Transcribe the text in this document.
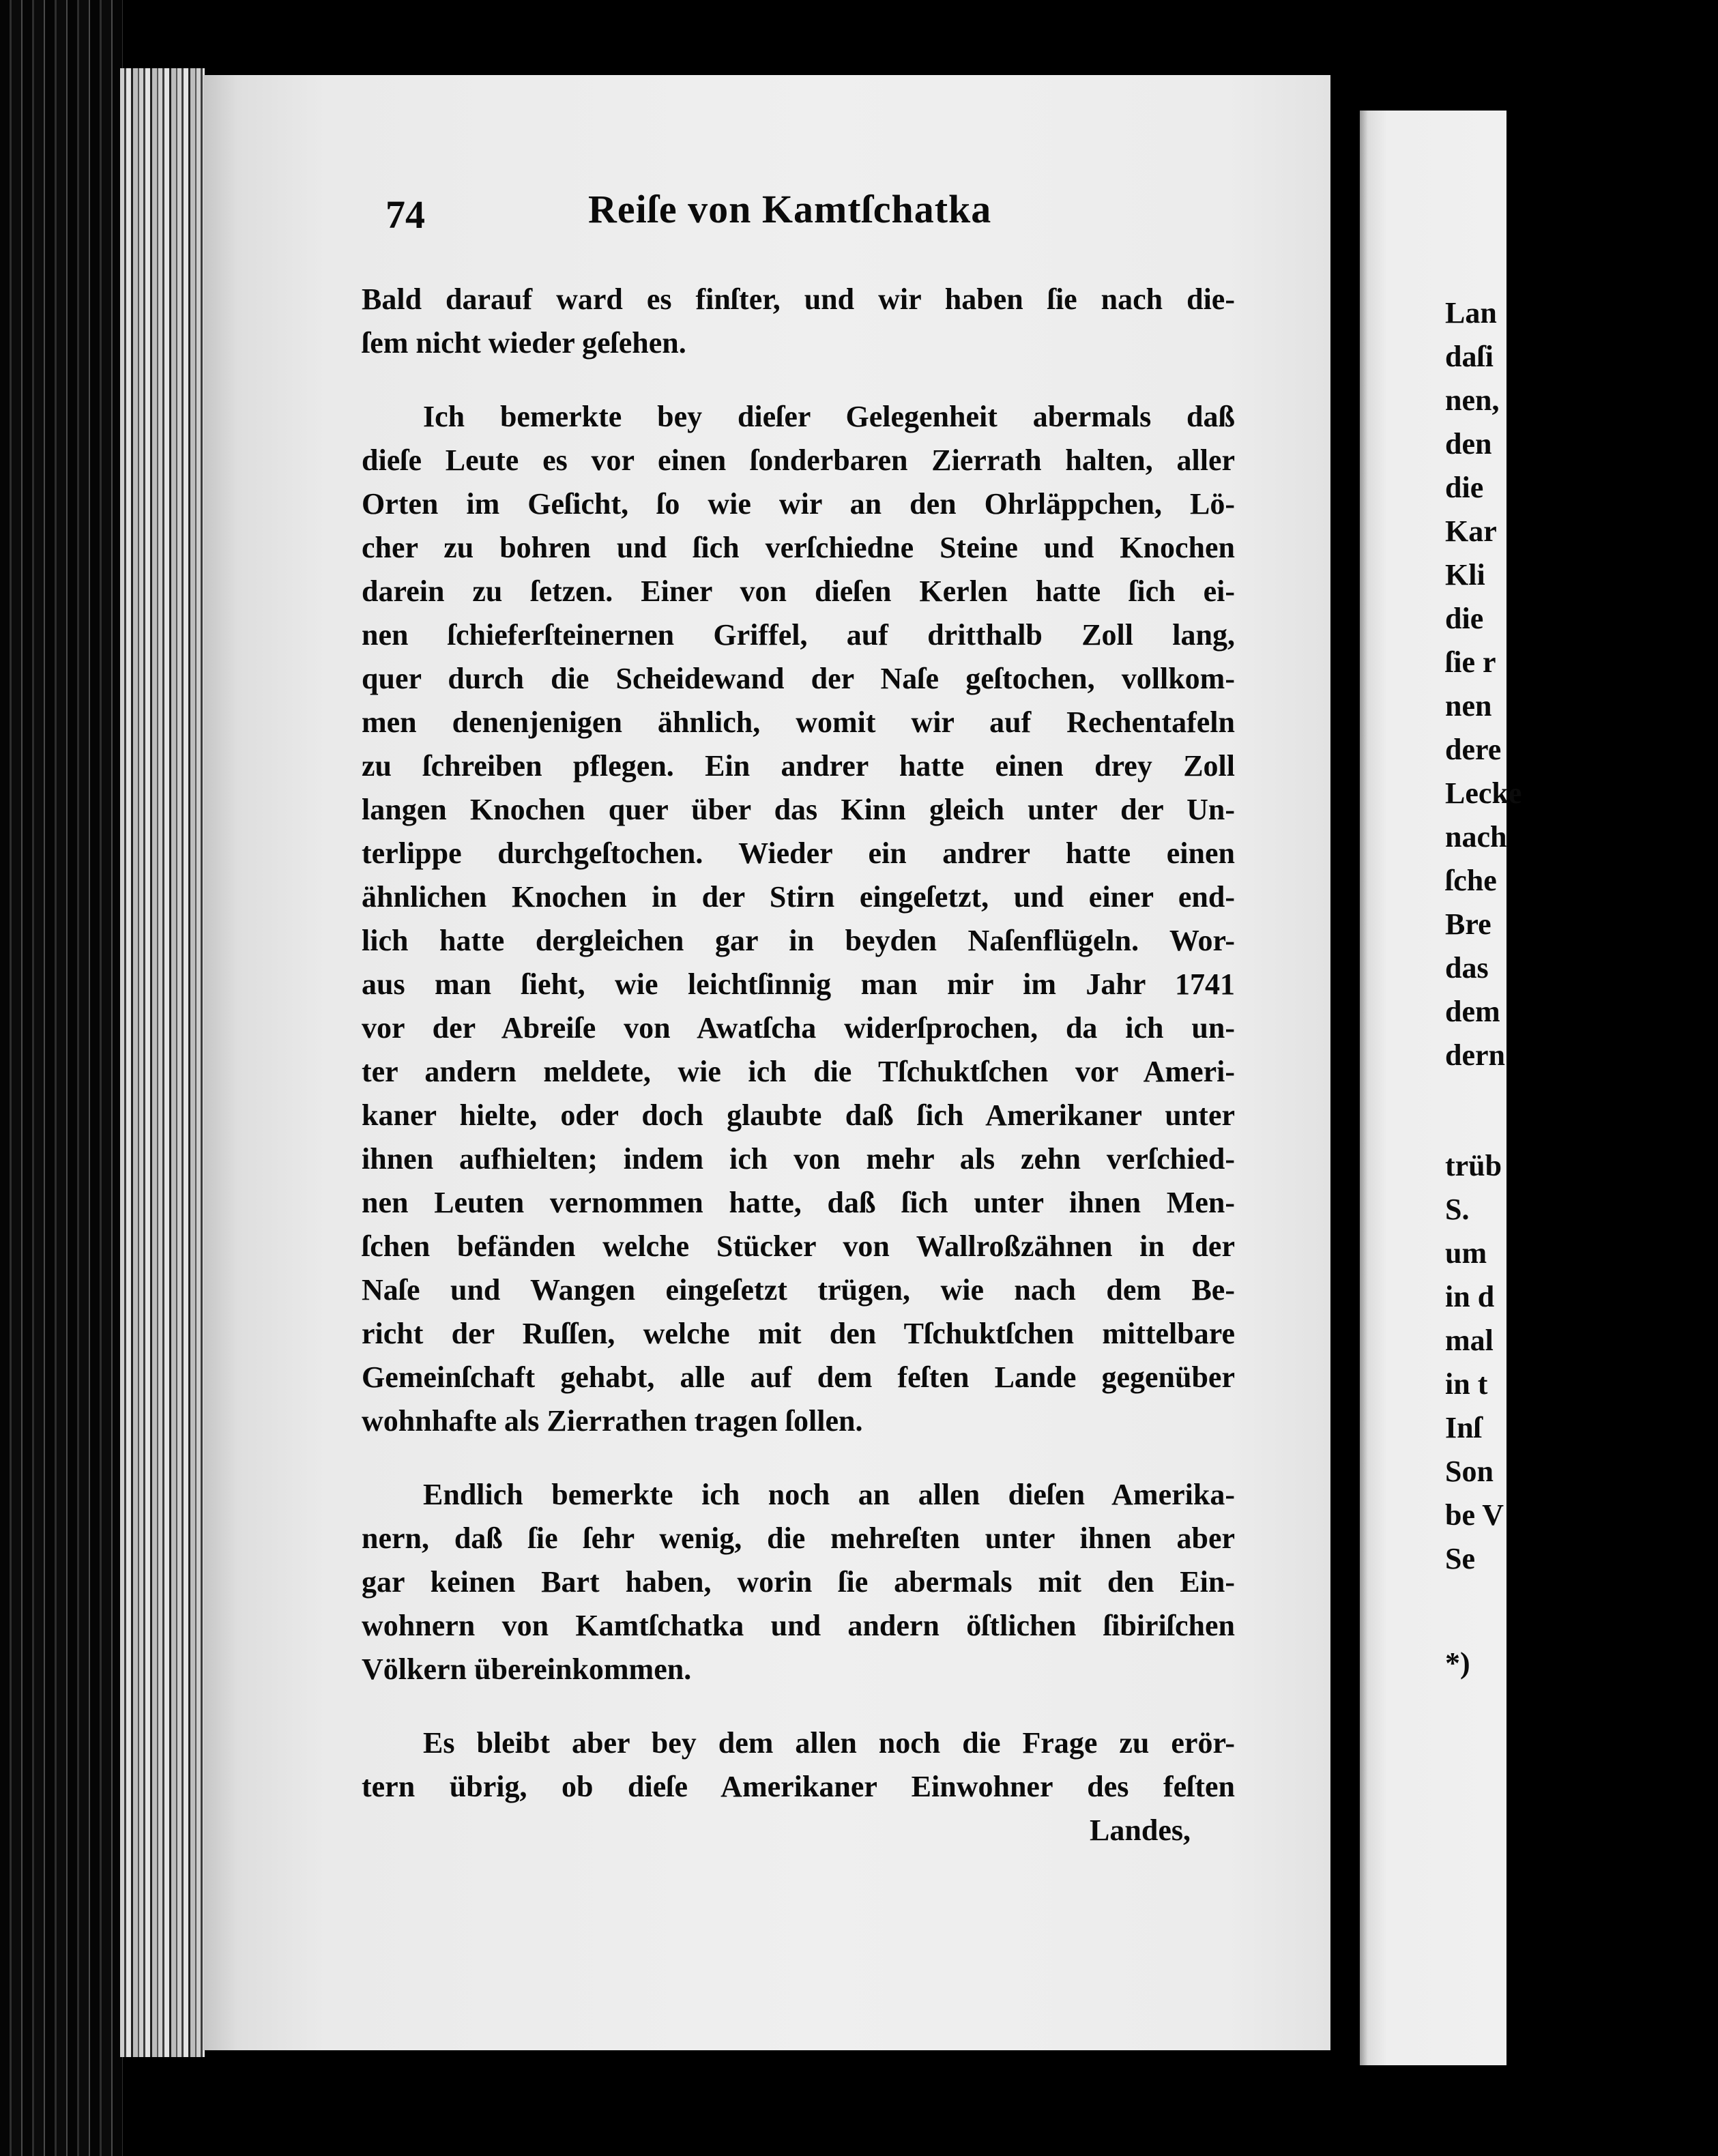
74	Reiſe von Kamtſchatka
Bald darauf ward es finſter, und wir haben ſie nach die-
ſem nicht wieder geſehen.
Ich bemerkte bey dieſer Gelegenheit abermals daß
dieſe Leute es vor einen ſonderbaren Zierrath halten, aller
Orten im Geſicht, ſo wie wir an den Ohrläppchen, Lö-
cher zu bohren und ſich verſchiedne Steine und Knochen
darein zu ſetzen. Einer von dieſen Kerlen hatte ſich ei-
nen ſchieferſteinernen Griffel, auf dritthalb Zoll lang,
quer durch die Scheidewand der Naſe geſtochen, vollkom-
men denenjenigen ähnlich, womit wir auf Rechentafeln
zu ſchreiben pflegen. Ein andrer hatte einen drey Zoll
langen Knochen quer über das Kinn gleich unter der Un-
terlippe durchgeſtochen. Wieder ein andrer hatte einen
ähnlichen Knochen in der Stirn eingeſetzt, und einer end-
lich hatte dergleichen gar in beyden Naſenflügeln. Wor-
aus man ſieht, wie leichtſinnig man mir im Jahr 1741
vor der Abreiſe von Awatſcha widerſprochen, da ich un-
ter andern meldete, wie ich die Tſchuktſchen vor Ameri-
kaner hielte, oder doch glaubte daß ſich Amerikaner unter
ihnen aufhielten; indem ich von mehr als zehn verſchied-
nen Leuten vernommen hatte, daß ſich unter ihnen Men-
ſchen befänden welche Stücker von Wallroßzähnen in der
Naſe und Wangen eingeſetzt trügen, wie nach dem Be-
richt der Ruſſen, welche mit den Tſchuktſchen mittelbare
Gemeinſchaft gehabt, alle auf dem feſten Lande gegenüber
wohnhafte als Zierrathen tragen ſollen.
Endlich bemerkte ich noch an allen dieſen Amerika-
nern, daß ſie ſehr wenig, die mehreſten unter ihnen aber
gar keinen Bart haben, worin ſie abermals mit den Ein-
wohnern von Kamtſchatka und andern öſtlichen ſibiriſchen
Völkern übereinkommen.
Es bleibt aber bey dem allen noch die Frage zu erör-
tern übrig, ob dieſe Amerikaner Einwohner des feſten
Landes,
Lan
daſi
nen,
den
die
Kar
Kli
die
ſie r
nen
dere
Lecke
nach
ſche
Bre
das
dem
dern
trüb
S.
um
in d
mal
in t
Inſ
Son
be V
Se
*)
